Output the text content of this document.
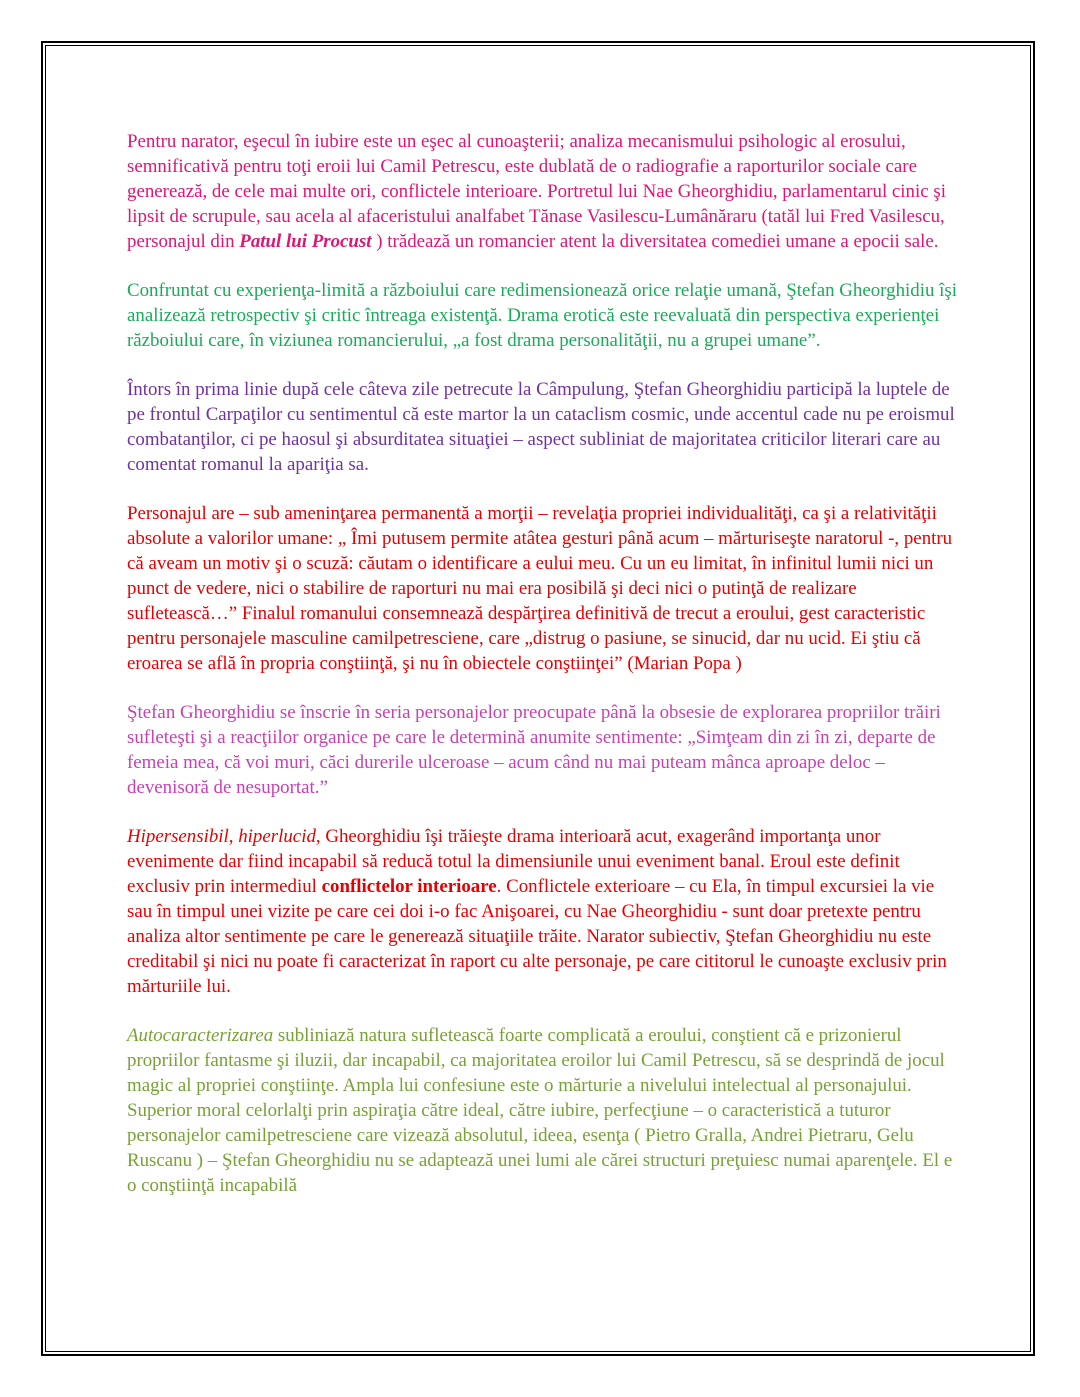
Pentru narator, eşecul în iubire este un eşec al cunoaşterii; analiza mecanismului psihologic al erosului, semnificativă pentru toţi eroii lui Camil Petrescu, este dublată de o radiografie a raporturilor sociale care generează, de cele mai multe ori, conflictele interioare. Portretul lui Nae Gheorghidiu, parlamentarul cinic şi lipsit de scrupule, sau acela al afaceristului analfabet Tănase Vasilescu-Lumânăraru (tatăl lui Fred Vasilescu, personajul din Patul lui Procust ) trădează un romancier atent la diversitatea comediei umane a epocii sale.

Confruntat cu experienţa-limită a războiului care redimensionează orice relaţie umană, Ştefan Gheorghidiu îşi analizează retrospectiv şi critic întreaga existenţă. Drama erotică este reevaluată din perspectiva experienţei războiului care, în viziunea romancierului, „a fost drama personalităţii, nu a grupei umane”.

Întors în prima linie după cele câteva zile petrecute la Câmpulung, Ştefan Gheorghidiu participă la luptele de pe frontul Carpaţilor cu sentimentul că este martor la un cataclism cosmic, unde accentul cade nu pe eroismul combatanţilor, ci pe haosul şi absurditatea situaţiei – aspect subliniat de majoritatea criticilor literari care au comentat romanul la apariţia sa.

Personajul are – sub ameninţarea permanentă a morţii – revelaţia propriei individualităţi, ca şi a relativităţii absolute a valorilor umane: „ Îmi putusem permite atâtea gesturi până acum – mărturiseşte naratorul -, pentru că aveam un motiv şi o scuză: căutam o identificare a eului meu. Cu un eu limitat, în infinitul lumii nici un punct de vedere, nici o stabilire de raporturi nu mai era posibilă şi deci nici o putinţă de realizare sufletească…” Finalul romanului consemnează despărţirea definitivă de trecut a eroului, gest caracteristic pentru personajele masculine camilpetresciene, care „distrug o pasiune, se sinucid, dar nu ucid. Ei ştiu că eroarea se află în propria conştiinţă, şi nu în obiectele conştiinţei” (Marian Popa )

Ştefan Gheorghidiu se înscrie în seria personajelor preocupate până la obsesie de explorarea propriilor trăiri sufleteşti şi a reacţiilor organice pe care le determină anumite sentimente: „Simţeam din zi în zi, departe de femeia mea, că voi muri, căci durerile ulceroase – acum când nu mai puteam mânca aproape deloc – devenisoră de nesuportat.”

Hipersensibil, hiperlucid, Gheorghidiu îşi trăieşte drama interioară acut, exagerând importanţa unor evenimente dar fiind incapabil să reducă totul la dimensiunile unui eveniment banal. Eroul este definit exclusiv prin intermediul conflictelor interioare. Conflictele exterioare – cu Ela, în timpul excursiei la vie sau în timpul unei vizite pe care cei doi i-o fac Anişoarei, cu Nae Gheorghidiu - sunt doar pretexte pentru analiza altor sentimente pe care le generează situaţiile trăite. Narator subiectiv, Ştefan Gheorghidiu nu este creditabil şi nici nu poate fi caracterizat în raport cu alte personaje, pe care cititorul le cunoaşte exclusiv prin mărturiile lui.

Autocaracterizarea subliniază natura sufletească foarte complicată a eroului, conştient că e prizonierul propriilor fantasme şi iluzii, dar incapabil, ca majoritatea eroilor lui Camil Petrescu, să se desprindă de jocul magic al propriei conştiinţe. Ampla lui confesiune este o mărturie a nivelului intelectual al personajului. Superior moral celorlalţi prin aspiraţia către ideal, către iubire, perfecţiune – o caracteristică a tuturor personajelor camilpetresciene care vizează absolutul, ideea, esenţa ( Pietro Gralla, Andrei Pietraru, Gelu Ruscanu ) – Ştefan Gheorghidiu nu se adaptează unei lumi ale cărei structuri preţuiesc numai aparenţele. El e o conştiinţă incapabilă
